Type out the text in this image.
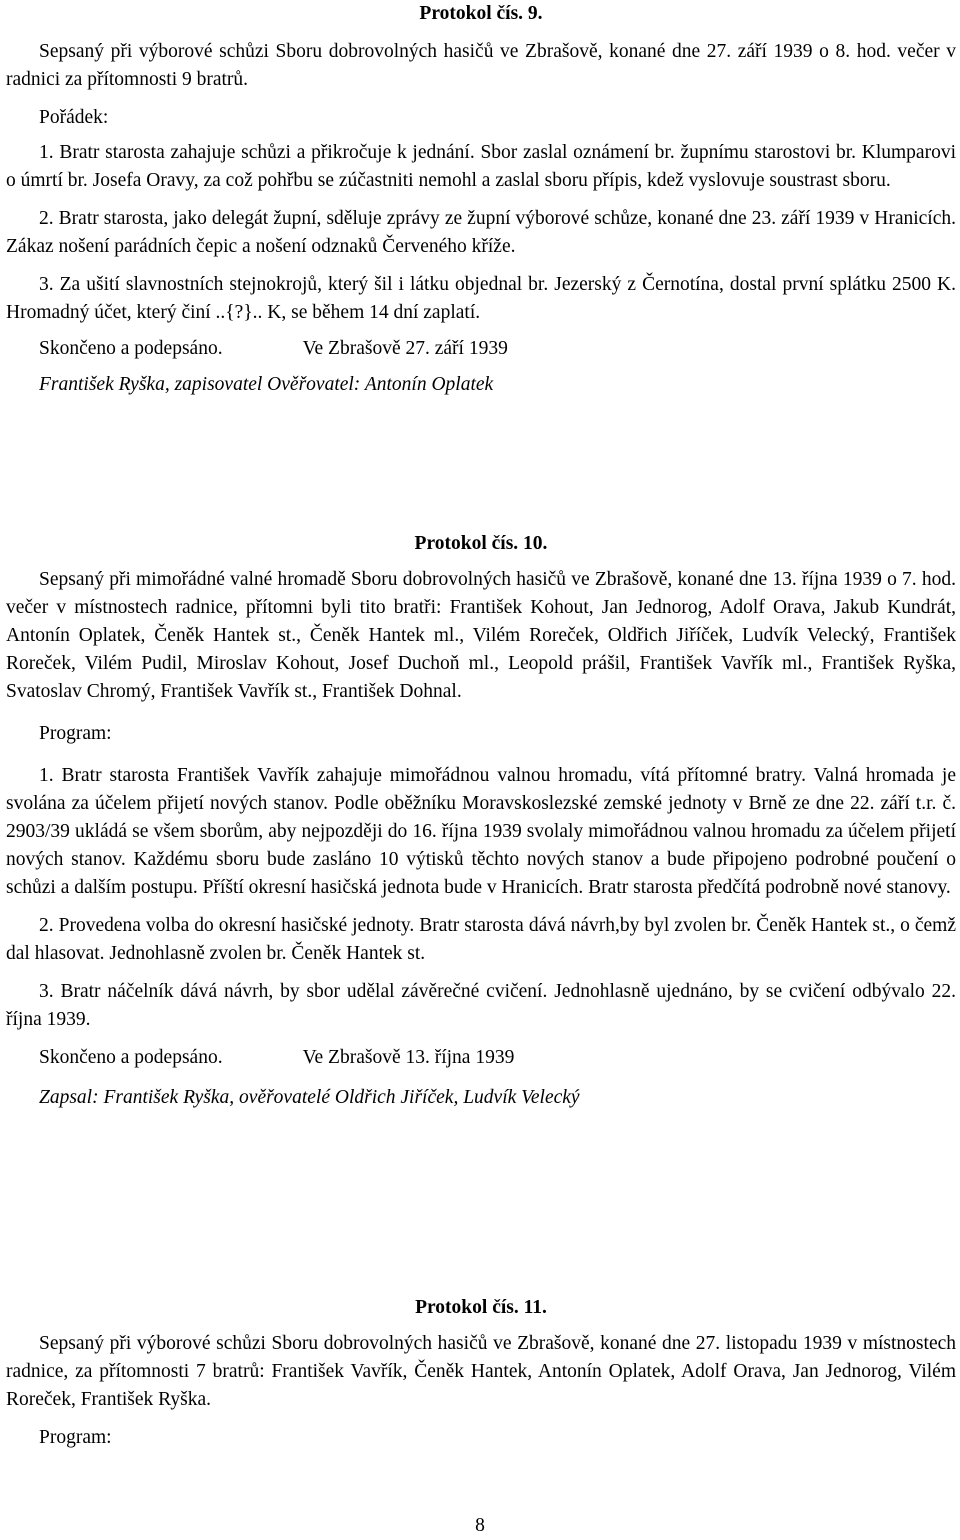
Protokol čís. 9.

Sepsaný při výborové schůzi Sboru dobrovolných hasičů ve Zbrašově, konané dne 27. září 1939 o 8. hod. večer v radnici za přítomnosti 9 bratrů.

Pořádek:

1. Bratr starosta zahajuje schůzi a přikročuje k jednání. Sbor zaslal oznámení br. župnímu starostovi br. Klumparovi o úmrtí br. Josefa Oravy, za což pohřbu se zúčastniti nemohl a zaslal sboru přípis, kdež vyslovuje soustrast sboru.

2. Bratr starosta, jako delegát župní, sděluje zprávy ze župní výborové schůze, konané dne 23. září 1939 v Hranicích. Zákaz nošení parádních čepic a nošení odznaků Červeného kříže.

3. Za ušití slavnostních stejnokrojů, který šil i látku objednal br. Jezerský z Černotína, dostal první splátku 2500 K. Hromadný účet, který činí ..{?}.. K, se během 14 dní zaplatí.

Skončeno a podepsáno.	Ve Zbrašově 27. září 1939

František Ryška, zapisovatel Ověřovatel: Antonín Oplatek

Protokol čís. 10.

Sepsaný při mimořádné valné hromadě Sboru dobrovolných hasičů ve Zbrašově, konané dne 13. října 1939 o 7. hod. večer v místnostech radnice, přítomni byli tito bratři: František Kohout, Jan Jednorog, Adolf Orava, Jakub Kundrát, Antonín Oplatek, Čeněk Hantek st., Čeněk Hantek ml., Vilém Roreček, Oldřich Jiříček, Ludvík Velecký, František Roreček, Vilém Pudil, Miroslav Kohout, Josef Duchoň ml., Leopold prášil, František Vavřík ml., František Ryška, Svatoslav Chromý, František Vavřík st., František Dohnal.

Program:

1. Bratr starosta František Vavřík zahajuje mimořádnou valnou hromadu, vítá přítomné bratry. Valná hromada je svolána za účelem přijetí nových stanov. Podle oběžníku Moravskoslezské zemské jednoty v Brně ze dne 22. září t.r. č. 2903/39 ukládá se všem sborům, aby nejpozději do 16. října 1939 svolaly mimořádnou valnou hromadu za účelem přijetí nových stanov. Každému sboru bude zasláno 10 výtisků těchto nových stanov a bude připojeno podrobné poučení o schůzi a dalším postupu. Příští okresní hasičská jednota bude v Hranicích. Bratr starosta předčítá podrobně nové stanovy.

2. Provedena volba do okresní hasičské jednoty. Bratr starosta dává návrh,by byl zvolen br. Čeněk Hantek st., o čemž dal hlasovat. Jednohlasně zvolen br. Čeněk Hantek st.

3. Bratr náčelník dává návrh, by sbor udělal závěrečné cvičení. Jednohlasně ujednáno, by se cvičení odbývalo 22. října 1939.

Skončeno a podepsáno.	Ve Zbrašově 13. října 1939

Zapsal: František Ryška, ověřovatelé Oldřich Jiříček, Ludvík Velecký

Protokol čís. 11.

Sepsaný při výborové schůzi Sboru dobrovolných hasičů ve Zbrašově, konané dne 27. listopadu 1939 v místnostech radnice, za přítomnosti 7 bratrů: František Vavřík, Čeněk Hantek, Antonín Oplatek, Adolf Orava, Jan Jednorog, Vilém Roreček, František Ryška.

Program:

8
